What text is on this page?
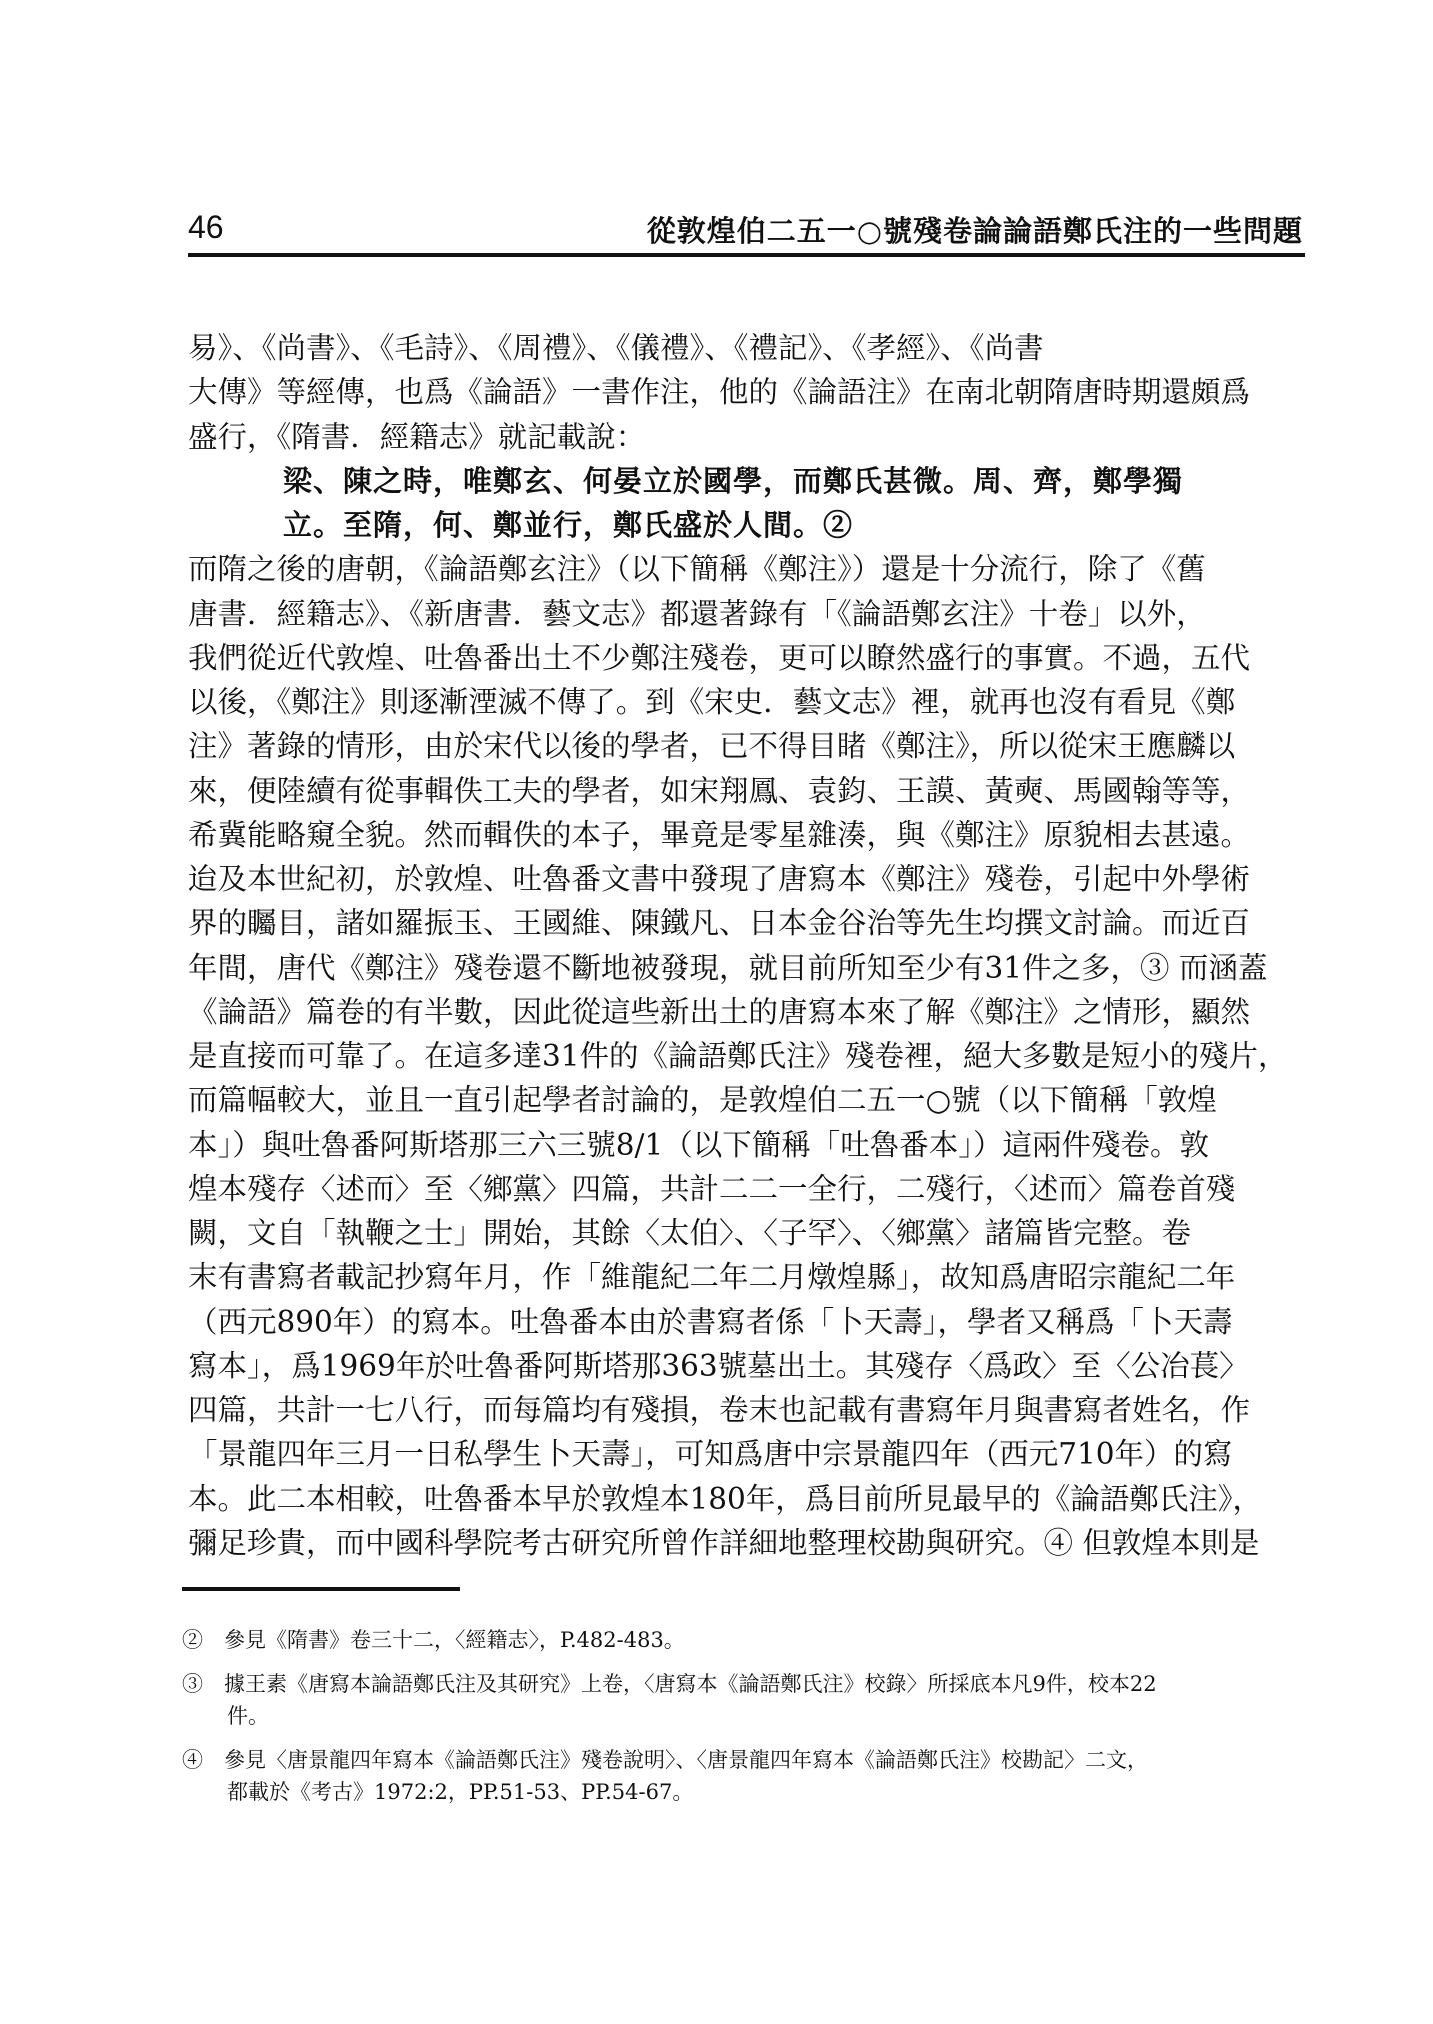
46	從敦煌伯二五一○號殘卷論論語鄭氏注的一些問題
易》、《尚書》、《毛詩》、《周禮》、《儀禮》、《禮記》、《孝經》、《尚書
大傳》等經傳，也爲《論語》一書作注，他的《論語注》在南北朝隋唐時期還頗爲
盛行，《隋書．經籍志》就記載說：
梁、陳之時，唯鄭玄、何晏立於國學，而鄭氏甚微。周、齊，鄭學獨
立。至隋，何、鄭並行，鄭氏盛於人間。②
而隋之後的唐朝，《論語鄭玄注》（以下簡稱《鄭注》）還是十分流行，除了《舊
唐書．經籍志》、《新唐書．藝文志》都還著錄有「《論語鄭玄注》十卷」以外，
我們從近代敦煌、吐魯番出土不少鄭注殘卷，更可以瞭然盛行的事實。不過，五代
以後，《鄭注》則逐漸湮滅不傳了。到《宋史．藝文志》裡，就再也沒有看見《鄭
注》著錄的情形，由於宋代以後的學者，已不得目睹《鄭注》，所以從宋王應麟以
來，便陸續有從事輯佚工夫的學者，如宋翔鳳、袁鈞、王謨、黃奭、馬國翰等等，
希冀能略窺全貌。然而輯佚的本子，畢竟是零星雜湊，與《鄭注》原貌相去甚遠。
迨及本世紀初，於敦煌、吐魯番文書中發現了唐寫本《鄭注》殘卷，引起中外學術
界的矚目，諸如羅振玉、王國維、陳鐵凡、日本金谷治等先生均撰文討論。而近百
年間，唐代《鄭注》殘卷還不斷地被發現，就目前所知至少有31件之多，③ 而涵蓋
《論語》篇卷的有半數，因此從這些新出土的唐寫本來了解《鄭注》之情形，顯然
是直接而可靠了。在這多達31件的《論語鄭氏注》殘卷裡，絕大多數是短小的殘片，
而篇幅較大，並且一直引起學者討論的，是敦煌伯二五一○號（以下簡稱「敦煌
本」）與吐魯番阿斯塔那三六三號8/1（以下簡稱「吐魯番本」）這兩件殘卷。敦
煌本殘存〈述而〉至〈鄉黨〉四篇，共計二二一全行，二殘行，〈述而〉篇卷首殘
闕，文自「執鞭之士」開始，其餘〈太伯〉、〈子罕〉、〈鄉黨〉諸篇皆完整。卷
末有書寫者載記抄寫年月，作「維龍紀二年二月燉煌縣」，故知爲唐昭宗龍紀二年
（西元890年）的寫本。吐魯番本由於書寫者係「卜天壽」，學者又稱爲「卜天壽
寫本」，爲1969年於吐魯番阿斯塔那363號墓出土。其殘存〈爲政〉至〈公冶萇〉
四篇，共計一七八行，而每篇均有殘損，卷末也記載有書寫年月與書寫者姓名，作
「景龍四年三月一日私學生卜天壽」，可知爲唐中宗景龍四年（西元710年）的寫
本。此二本相較，吐魯番本早於敦煌本180年，爲目前所見最早的《論語鄭氏注》，
彌足珍貴，而中國科學院考古研究所曾作詳細地整理校勘與研究。④ 但敦煌本則是
②　參見《隋書》卷三十二，〈經籍志〉，P.482-483。
③　據王素《唐寫本論語鄭氏注及其研究》上卷，〈唐寫本《論語鄭氏注》校錄〉所採底本凡9件，校本22
件。
④　參見〈唐景龍四年寫本《論語鄭氏注》殘卷說明〉、〈唐景龍四年寫本《論語鄭氏注》校勘記〉二文，
都載於《考古》1972:2，PP.51-53、PP.54-67。
